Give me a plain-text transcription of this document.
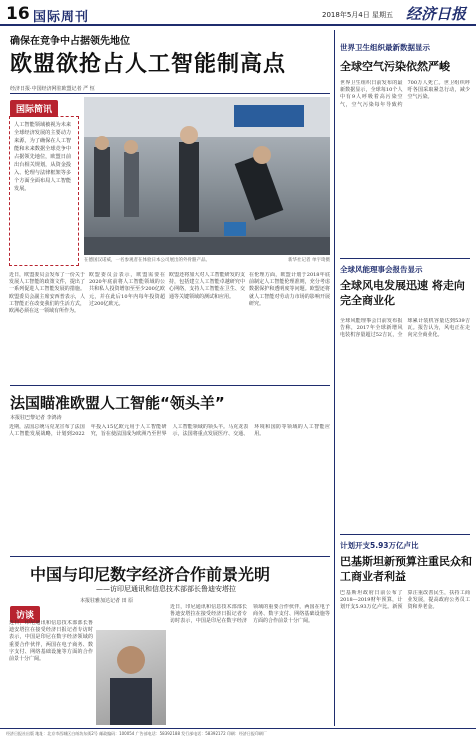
16 国际周刊	2018年5月4日 星期五 经济日报
确保在竞争中占据领先地位
欧盟欲抢占人工智能制高点
经济日报·中国经济网驻欧盟记者 严 恒
国际简讯
人工智能领域被视为未来全球经济发展的主要动力来源，为了确保在人工智能和未来数据全球竞争中占据领先地位，欧盟日前出台相关规划，从资金投入、伦理与法律框架等多个方面全面布局人工智能发展。
在德国汉诺威，一名参观者在体验日本公司展出的外骨骼产品。	新华社记者 单宇琦摄
近日，欧盟委员会发布了一份关于发展人工智能的政策文件，提出了一系列促进人工智能发展的措施。欧盟委员会副主席安西普表示，人工智能正在改变我们的生活方式，欧洲必须在这一领域有所作为。
欧盟委员会表示，欧盟需要在2020年底前将人工智能领域的公共和私人投资增加至至少200亿欧元，并在此后10年内每年投资超过200亿欧元。
欧盟还将加大对人工智能研发的支持，包括建立人工智能卓越研究中心网络，支持人工智能在卫生、交通等关键领域的测试和应用。
在伦理方面，欧盟计划于2018年底前制定人工智能伦理准则，充分考虑数据保护和透明度等问题。欧盟还将就人工智能对劳动力市场的影响开展研究。
法国瞄准欧盟人工智能“领头羊”
本报驻巴黎记者 李鸿涛
近期，法国总统马克龙宣布了法国人工智能发展战略，计划到2022年投入15亿欧元用于人工智能研究，旨在使法国成为欧洲乃至世界人工智能领域的领头羊。马克龙表示，法国将重点发展医疗、交通、环境和国防等领域的人工智能应用。
中国与印尼数字经济合作前景光明
——访印尼通讯和信息技术部部长鲁迪安塔拉
本报驻雅加达记者 田 原
访谈
近日，印尼通讯和信息技术部部长鲁迪安塔拉在接受经济日报记者专访时表示，中国是印尼在数字经济领域的重要合作伙伴，两国在电子商务、数字支付、网络基础设施等方面的合作前景十分广阔。
近日，印尼通讯和信息技术部部长鲁迪安塔拉在接受经济日报记者专访时表示，中国是印尼在数字经济领域的重要合作伙伴，两国在电子商务、数字支付、网络基础设施等方面的合作前景十分广阔。
世界卫生组织最新数据显示
全球空气污染依然严峻
世界卫生组织日前发布的最新数据显示，全球每10个人中有9人呼吸着高污染空气，空气污染每年导致约700万人死亡。世卫组织呼吁各国采取紧急行动，减少空气污染。
全球风能理事会报告显示
全球风电发展迅速 将走向完全商业化
全球风能理事会日前发布报告称，2017年全球新增风电装机容量超过52吉瓦，全球累计装机容量达到539吉瓦。报告认为，风电正在走向完全商业化。
计划开支5.93万亿卢比
巴基斯坦新预算注重民众和工商业者利益
巴基斯坦政府日前公布了2018—2019财年预算，计划开支5.93万亿卢比。新预算注重改善民生，扶持工商业发展，提高政府公务员工资和养老金。
经济日报社出版 地址：北京市西城区白纸坊东街2号 邮政编码：100054 广告部电话：58392188 发行部电话：58392172 印刷：经济日报印刷厂
